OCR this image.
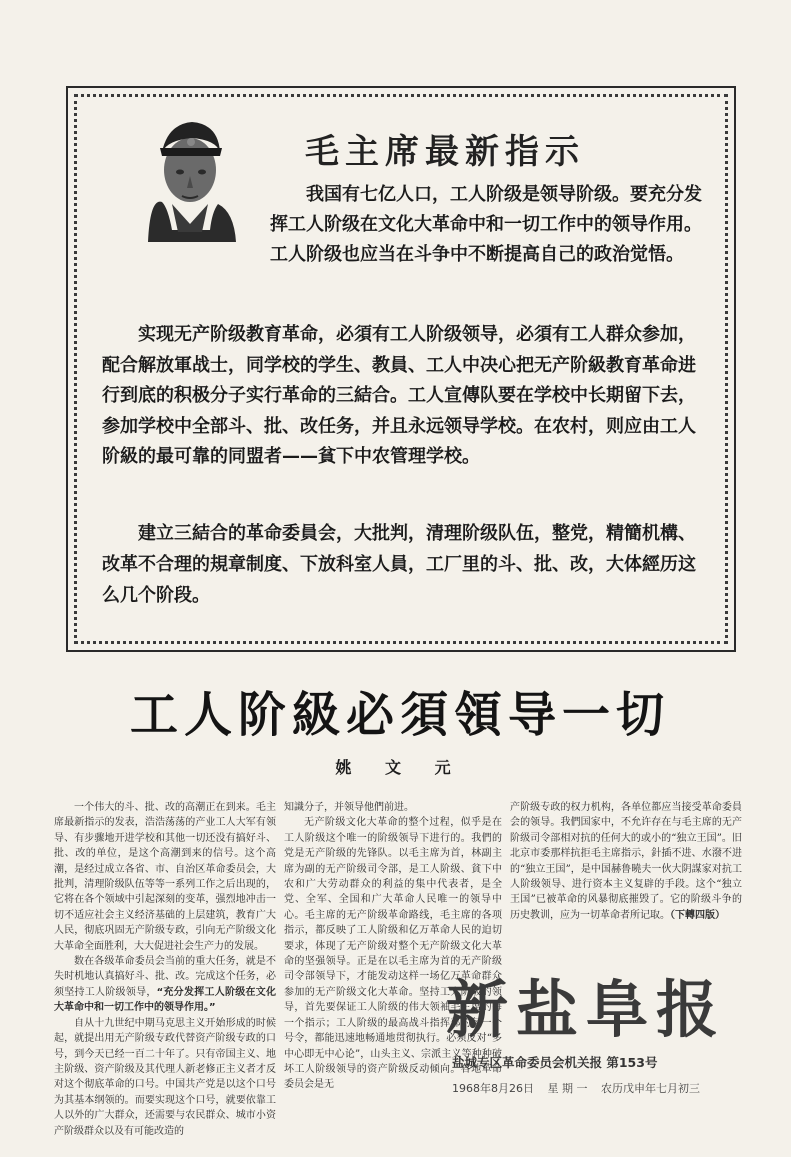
毛主席最新指示
我国有七亿人口，工人阶级是领导阶级。要充分发挥工人阶级在文化大革命中和一切工作中的领导作用。工人阶级也应当在斗争中不断提高自己的政治觉悟。
实现无产阶级教育革命，必須有工人阶级领导，必須有工人群众参加，配合解放軍战士，同学校的学生、教員、工人中决心把无产阶級教育革命进行到底的积极分子实行革命的三結合。工人宣傳队要在学校中长期留下去，参加学校中全部斗、批、改任务，并且永远领导学校。在农村，则应由工人阶級的最可靠的同盟者——貧下中农管理学校。
建立三結合的革命委員会，大批判，清理阶级队伍，整党，精簡机構、改革不合理的規章制度、下放科室人員，工厂里的斗、批、改，大体經历这么几个阶段。
工人阶級必須領导一切
姚 文 元

一个伟大的斗、批、改的高潮正在到来。毛主席最新指示的发表，浩浩荡荡的产业工人大军有领导、有步骤地开进学校和其他一切还没有搞好斗、批、改的单位，是这个高潮到来的信号。这个高潮，是经过成立各省、市、自治区革命委员会，大批判，清理阶级队伍等等一系列工作之后出现的，它将在各个领域中引起深刻的变革，强烈地冲击一切不适应社会主义经济基础的上层建筑，教育广大人民，彻底巩固无产阶级专政，引向无产阶级文化大革命全面胜利，大大促进社会生产力的发展。

数在各级革命委员会当前的重大任务，就是不失时机地认真搞好斗、批、改。完成这个任务，必须坚持工人阶级领导，“充分发挥工人阶级在文化大革命中和一切工作中的领导作用。”

自从十九世纪中期马克思主义开始形成的时候起，就提出用无产阶级专政代替资产阶级专政的口号，到今天已经一百二十年了。只有帝国主义、地主阶级、资产阶级及其代理人新老修正主义者才反对这个彻底革命的口号。中国共产党是以这个口号为其基本纲领的。而要实现这个口号，就要依靠工人以外的广大群众，还需要与农民群众、城市小资产阶级群众以及有可能改造的

知識分子，并领导他們前进。

无产阶级文化大革命的整个过程，似乎是在工人阶级这个唯一的阶级领导下进行的。我們的党是无产阶级的先锋队。以毛主席为首，林副主席为副的无产阶级司令部，是工人阶级、貧下中农和广大劳动群众的利益的集中代表者，是全党、全军、全国和广大革命人民唯一的领导中心。毛主席的无产阶级革命路线，毛主席的各项指示，都反映了工人阶级和亿万革命人民的迫切要求，体现了无产阶级对整个无产阶级文化大革命的坚强领导。正是在以毛主席为首的无产阶级司令部领导下，才能发动这样一场亿万革命群众参加的无产阶级文化大革命。坚持工人阶级的领导，首先要保证工人阶级的伟大领袖毛主席的每一个指示；工人阶级的最高战斗指挥部的每一个号令，都能迅速地畅通地贯彻执行。必须反对“多中心即无中心论”，山头主义、宗派主义等种种破坏工人阶级领导的资产阶级反动倾向。各地革命委员会是无

产阶级专政的权力机构，各单位都应当接受革命委員会的领导。我們国家中，不允许存在与毛主席的无产阶级司令部相对抗的任何大的或小的“独立王国”。旧北京市委那样抗拒毛主席指示，針插不进、水潑不进的“独立王国”，是中国赫鲁曉夫一伙大阴謀家对抗工人阶级领导、进行资本主义复辟的手段。这个“独立王国”已被革命的风暴彻底摧毁了。它的阶级斗争的历史教训，应为一切革命者所记取。（下轉四版）

新盐阜报
盐城专区革命委员会机关报 第153号
1968年8月26日 星 期 一 农历戊申年七月初三
